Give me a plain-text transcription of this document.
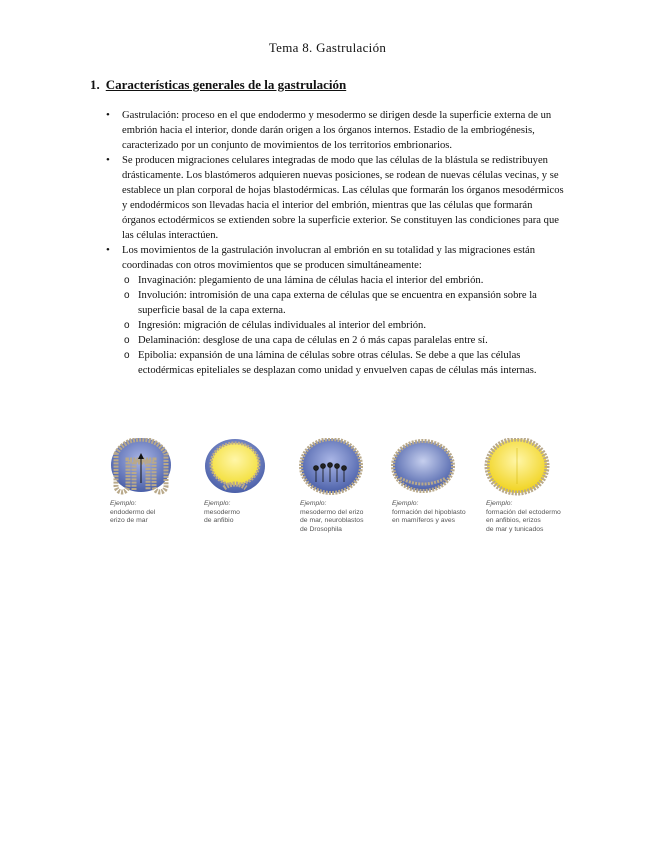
Tema 8. Gastrulación
1. Características generales de la gastrulación
• Gastrulación: proceso en el que endodermo y mesodermo se dirigen desde la superficie externa de un embrión hacia el interior, donde darán origen a los órganos internos. Estadio de la embriogénesis, caracterizado por un conjunto de movimientos de los territorios embrionarios.
• Se producen migraciones celulares integradas de modo que las células de la blástula se redistribuyen drásticamente. Los blastómeros adquieren nuevas posiciones, se rodean de nuevas células vecinas, y se establece un plan corporal de hojas blastodérmicas. Las células que formarán los órganos mesodérmicos y endodérmicos son llevadas hacia el interior del embrión, mientras que las células que formarán órganos ectodérmicos se extienden sobre la superficie exterior. Se constituyen las condiciones para que las células interactúen.
• Los movimientos de la gastrulación involucran al embrión en su totalidad y las migraciones están coordinadas con otros movimientos que se producen simultáneamente:
o Invaginación: plegamiento de una lámina de células hacia el interior del embrión.
o Involución: intromisión de una capa externa de células que se encuentra en expansión sobre la superficie basal de la capa externa.
o Ingresión: migración de células individuales al interior del embrión.
o Delaminación: desglose de una capa de células en 2 ó más capas paralelas entre sí.
o Epibolia: expansión de una lámina de células sobre otras células. Se debe a que las células ectodérmicas epiteliales se desplazan como unidad y envuelven capas de células más internas.
Ejemplo:
endodermo del
erizo de mar
Ejemplo:
mesodermo
de anfibio
Ejemplo:
mesodermo del erizo
de mar, neuroblastos
de Drosophila
Ejemplo:
formación del hipoblasto
en mamíferos y aves
Ejemplo:
formación del ectodermo
en anfibios, erizos
de mar y tunicados
